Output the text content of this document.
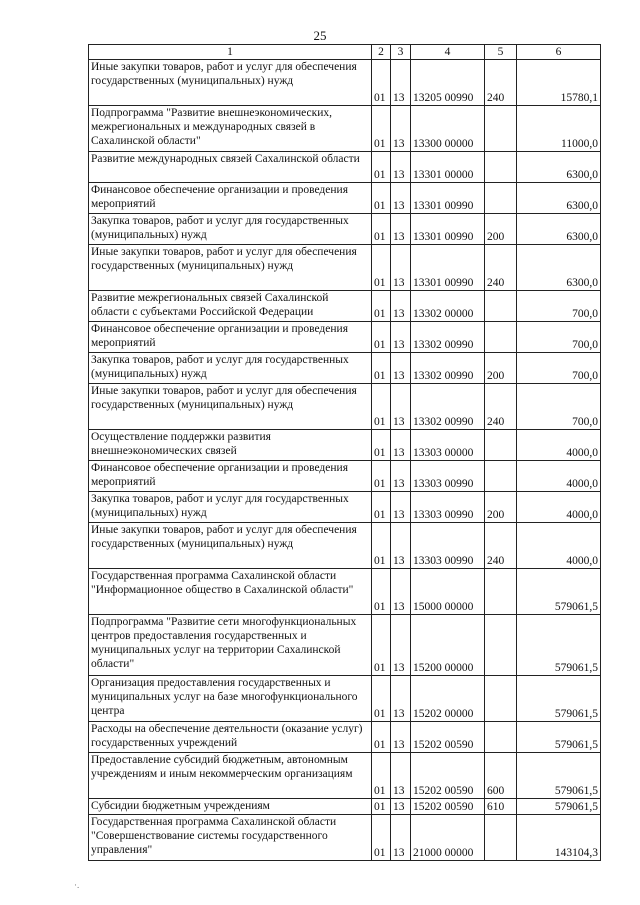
25
1	2	3	4	5	6
Иные закупки товаров, работ и услуг для обеспечения государственных (муниципальных) нужд	01	13	13205 00990	240	15780,1
Подпрограмма "Развитие внешнеэкономических, межрегиональных и международных связей в Сахалинской области"	01	13	13300 00000		11000,0
Развитие международных связей Сахалинской области	01	13	13301 00000		6300,0
Финансовое обеспечение организации и проведения мероприятий	01	13	13301 00990		6300,0
Закупка товаров, работ и услуг для государственных (муниципальных) нужд	01	13	13301 00990	200	6300,0
Иные закупки товаров, работ и услуг для обеспечения государственных (муниципальных) нужд	01	13	13301 00990	240	6300,0
Развитие межрегиональных связей Сахалинской области с субъектами Российской Федерации	01	13	13302 00000		700,0
Финансовое обеспечение организации и проведения мероприятий	01	13	13302 00990		700,0
Закупка товаров, работ и услуг для государственных (муниципальных) нужд	01	13	13302 00990	200	700,0
Иные закупки товаров, работ и услуг для обеспечения государственных (муниципальных) нужд	01	13	13302 00990	240	700,0
Осуществление поддержки развития внешнеэкономических связей	01	13	13303 00000		4000,0
Финансовое обеспечение организации и проведения мероприятий	01	13	13303 00990		4000,0
Закупка товаров, работ и услуг для государственных (муниципальных) нужд	01	13	13303 00990	200	4000,0
Иные закупки товаров, работ и услуг для обеспечения государственных (муниципальных) нужд	01	13	13303 00990	240	4000,0
Государственная программа Сахалинской области "Информационное общество в Сахалинской области"	01	13	15000 00000		579061,5
Подпрограмма "Развитие сети многофункциональных центров предоставления государственных и муниципальных услуг на территории Сахалинской области"	01	13	15200 00000		579061,5
Организация предоставления государственных и муниципальных услуг на базе многофункционального центра	01	13	15202 00000		579061,5
Расходы на обеспечение деятельности (оказание услуг) государственных учреждений	01	13	15202 00590		579061,5
Предоставление субсидий бюджетным, автономным учреждениям и иным некоммерческим организациям	01	13	15202 00590	600	579061,5
Субсидии бюджетным учреждениям	01	13	15202 00590	610	579061,5
Государственная программа Сахалинской области "Совершенствование системы государственного управления"	01	13	21000 00000		143104,3
·.
